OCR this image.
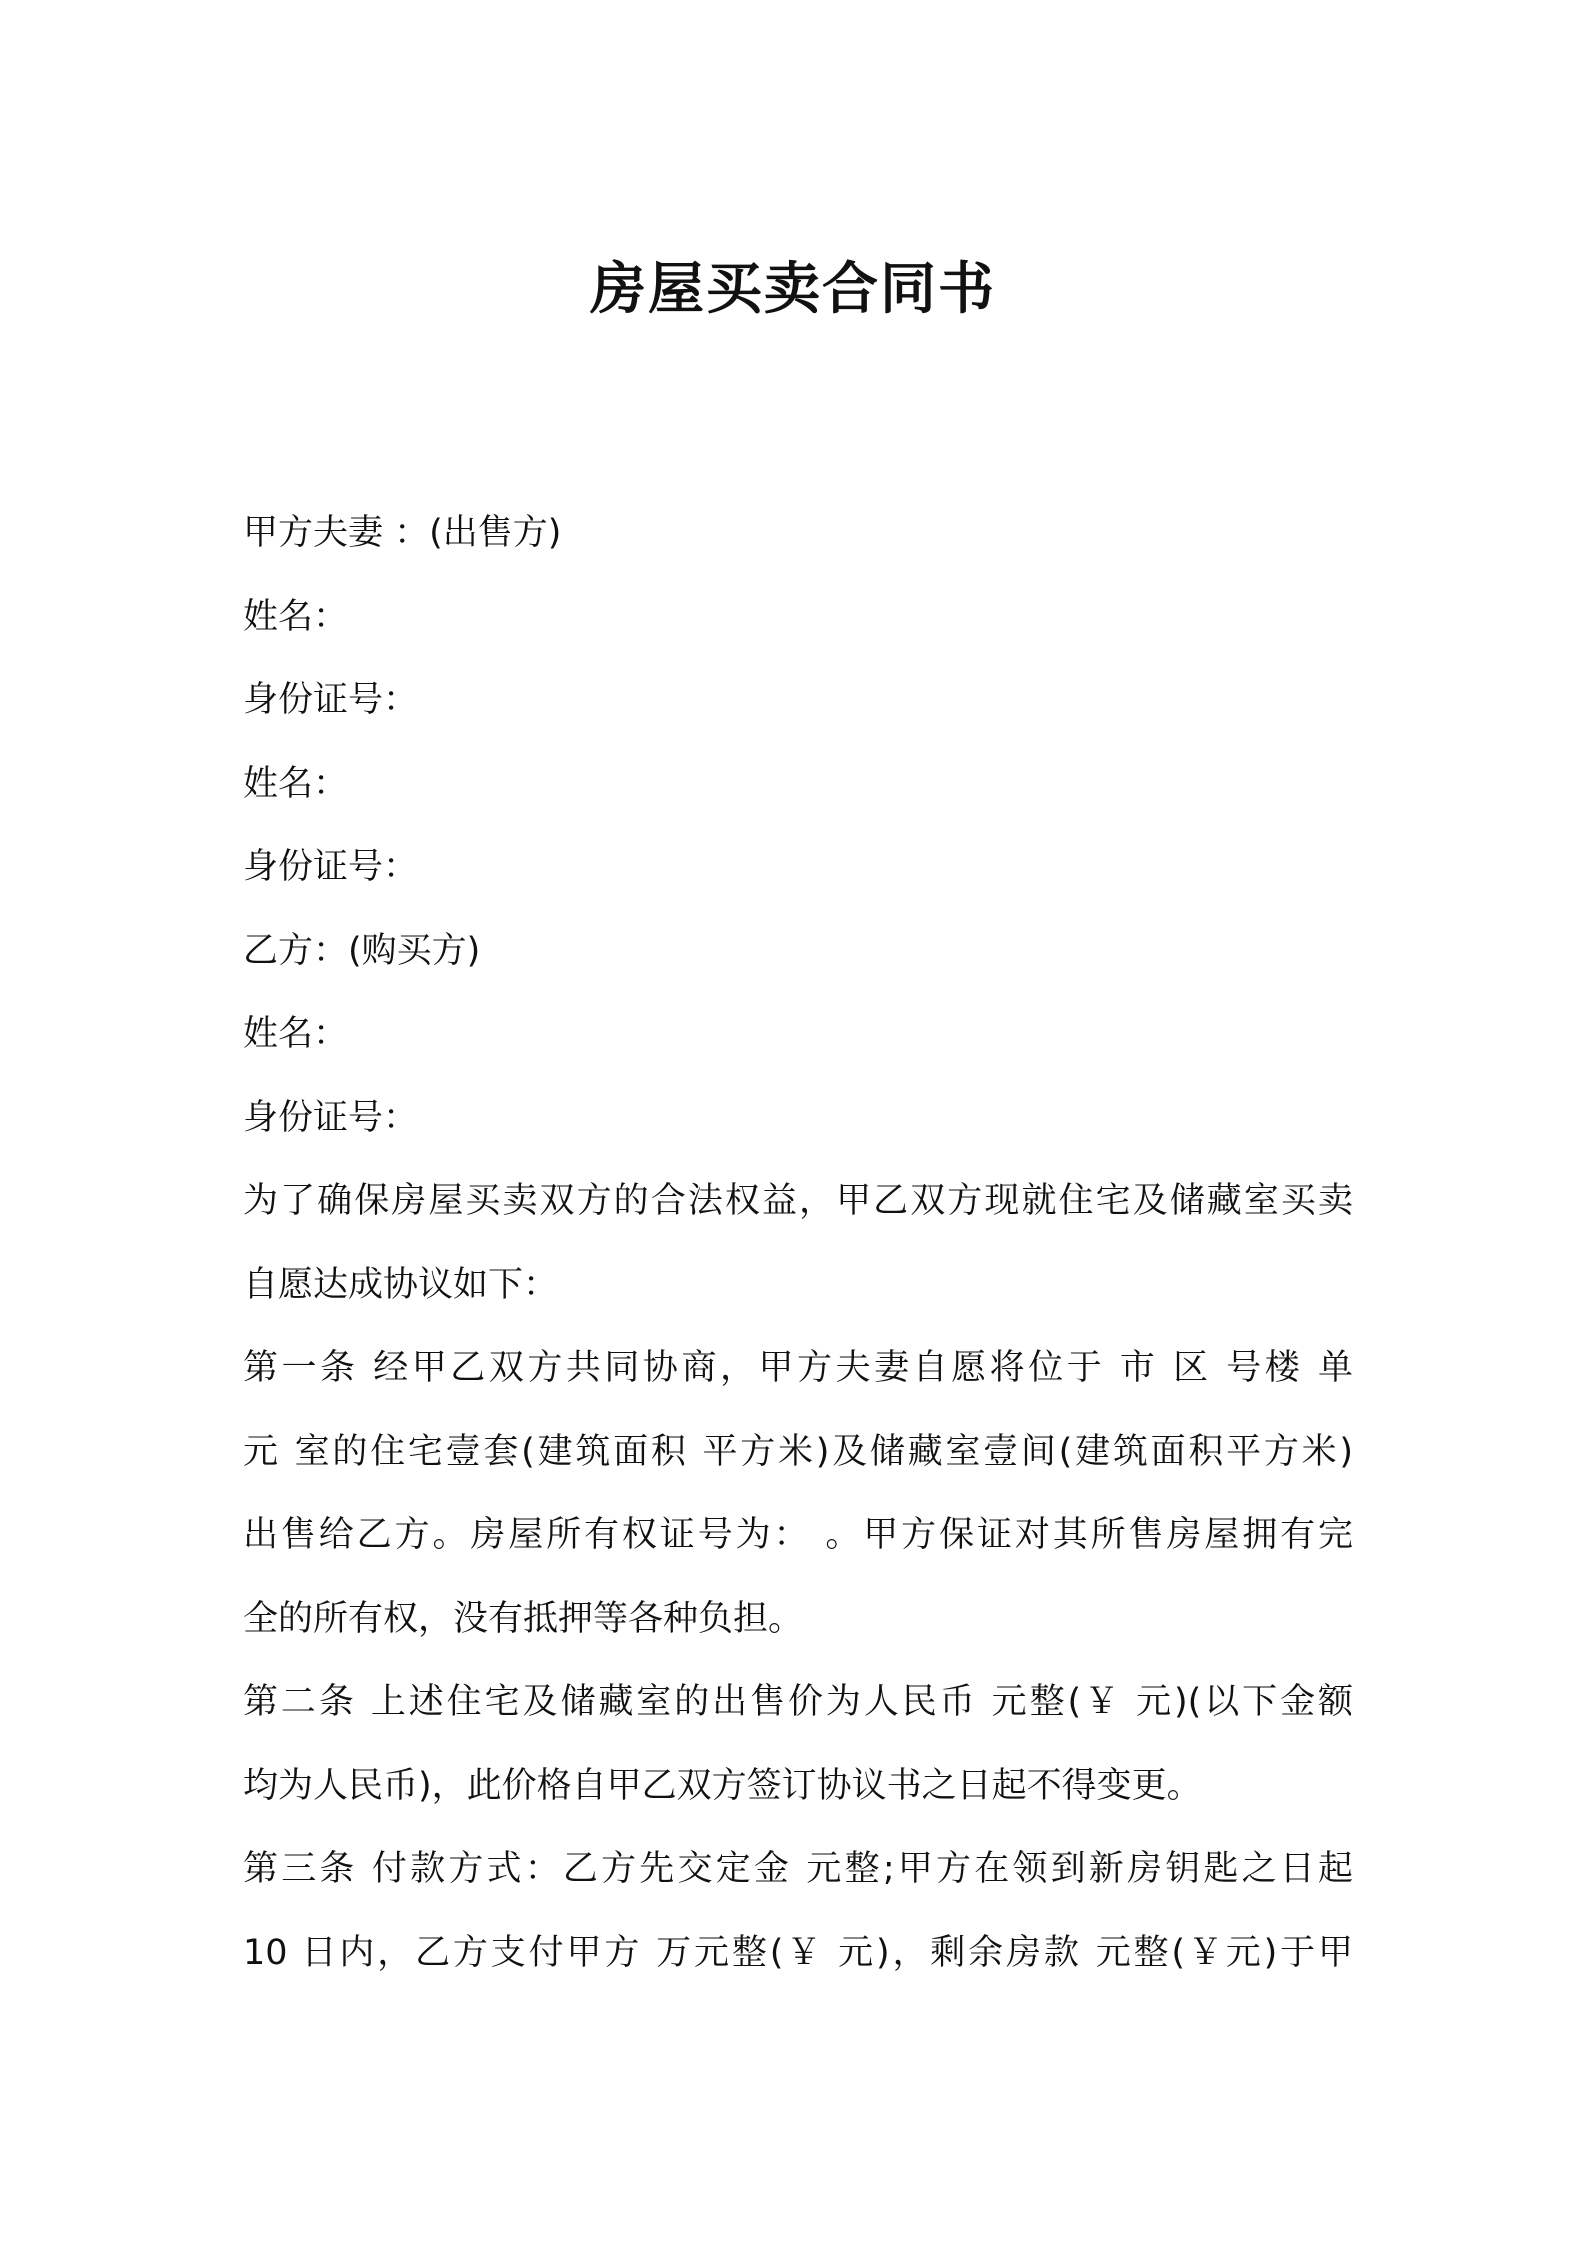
房屋买卖合同书
甲方夫妻 ：(出售方)
姓名：
身份证号：
姓名：
身份证号：
乙方：(购买方)
姓名：
身份证号：
为了确保房屋买卖双方的合法权益，甲乙双方现就住宅及储藏室买卖
自愿达成协议如下：
第一条 经甲乙双方共同协商，甲方夫妻自愿将位于 市 区 号楼 单
元 室的住宅壹套(建筑面积 平方米)及储藏室壹间(建筑面积平方米)
出售给乙方。房屋所有权证号为： 。甲方保证对其所售房屋拥有完
全的所有权，没有抵押等各种负担。
第二条 上述住宅及储藏室的出售价为人民币 元整(￥ 元)(以下金额
均为人民币)，此价格自甲乙双方签订协议书之日起不得变更。
第三条 付款方式：乙方先交定金 元整;甲方在领到新房钥匙之日起
10 日内，乙方支付甲方 万元整(￥ 元)，剩余房款 元整(￥元)于甲
